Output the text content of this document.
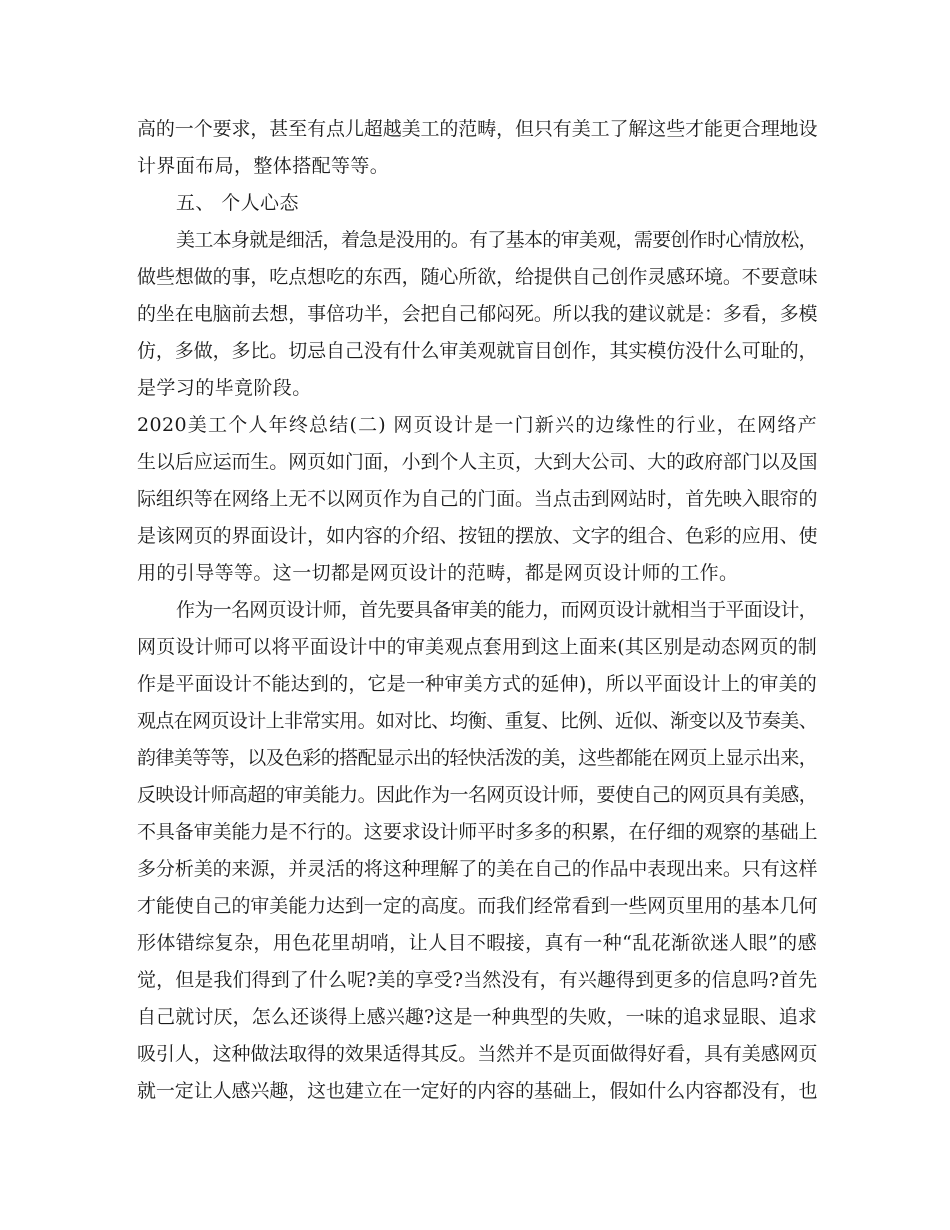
高的一个要求，甚至有点儿超越美工的范畴，但只有美工了解这些才能更合理地设
计界面布局，整体搭配等等。
五、 个人心态
美工本身就是细活，着急是没用的。有了基本的审美观，需要创作时心情放松，
做些想做的事，吃点想吃的东西，随心所欲，给提供自己创作灵感环境。不要意味
的坐在电脑前去想，事倍功半，会把自己郁闷死。所以我的建议就是：多看，多模
仿，多做，多比。切忌自己没有什么审美观就盲目创作，其实模仿没什么可耻的，
是学习的毕竟阶段。
2020美工个人年终总结(二) 网页设计是一门新兴的边缘性的行业，在网络产
生以后应运而生。网页如门面，小到个人主页，大到大公司、大的政府部门以及国
际组织等在网络上无不以网页作为自己的门面。当点击到网站时，首先映入眼帘的
是该网页的界面设计，如内容的介绍、按钮的摆放、文字的组合、色彩的应用、使
用的引导等等。这一切都是网页设计的范畴，都是网页设计师的工作。
作为一名网页设计师，首先要具备审美的能力，而网页设计就相当于平面设计，
网页设计师可以将平面设计中的审美观点套用到这上面来(其区别是动态网页的制
作是平面设计不能达到的，它是一种审美方式的延伸)，所以平面设计上的审美的
观点在网页设计上非常实用。如对比、均衡、重复、比例、近似、渐变以及节奏美、
韵律美等等，以及色彩的搭配显示出的轻快活泼的美，这些都能在网页上显示出来，
反映设计师高超的审美能力。因此作为一名网页设计师，要使自己的网页具有美感，
不具备审美能力是不行的。这要求设计师平时多多的积累，在仔细的观察的基础上
多分析美的来源，并灵活的将这种理解了的美在自己的作品中表现出来。只有这样
才能使自己的审美能力达到一定的高度。而我们经常看到一些网页里用的基本几何
形体错综复杂，用色花里胡哨，让人目不暇接，真有一种“乱花渐欲迷人眼”的感
觉，但是我们得到了什么呢?美的享受?当然没有，有兴趣得到更多的信息吗?首先
自己就讨厌，怎么还谈得上感兴趣?这是一种典型的失败，一味的追求显眼、追求
吸引人，这种做法取得的效果适得其反。当然并不是页面做得好看，具有美感网页
就一定让人感兴趣，这也建立在一定好的内容的基础上，假如什么内容都没有，也
